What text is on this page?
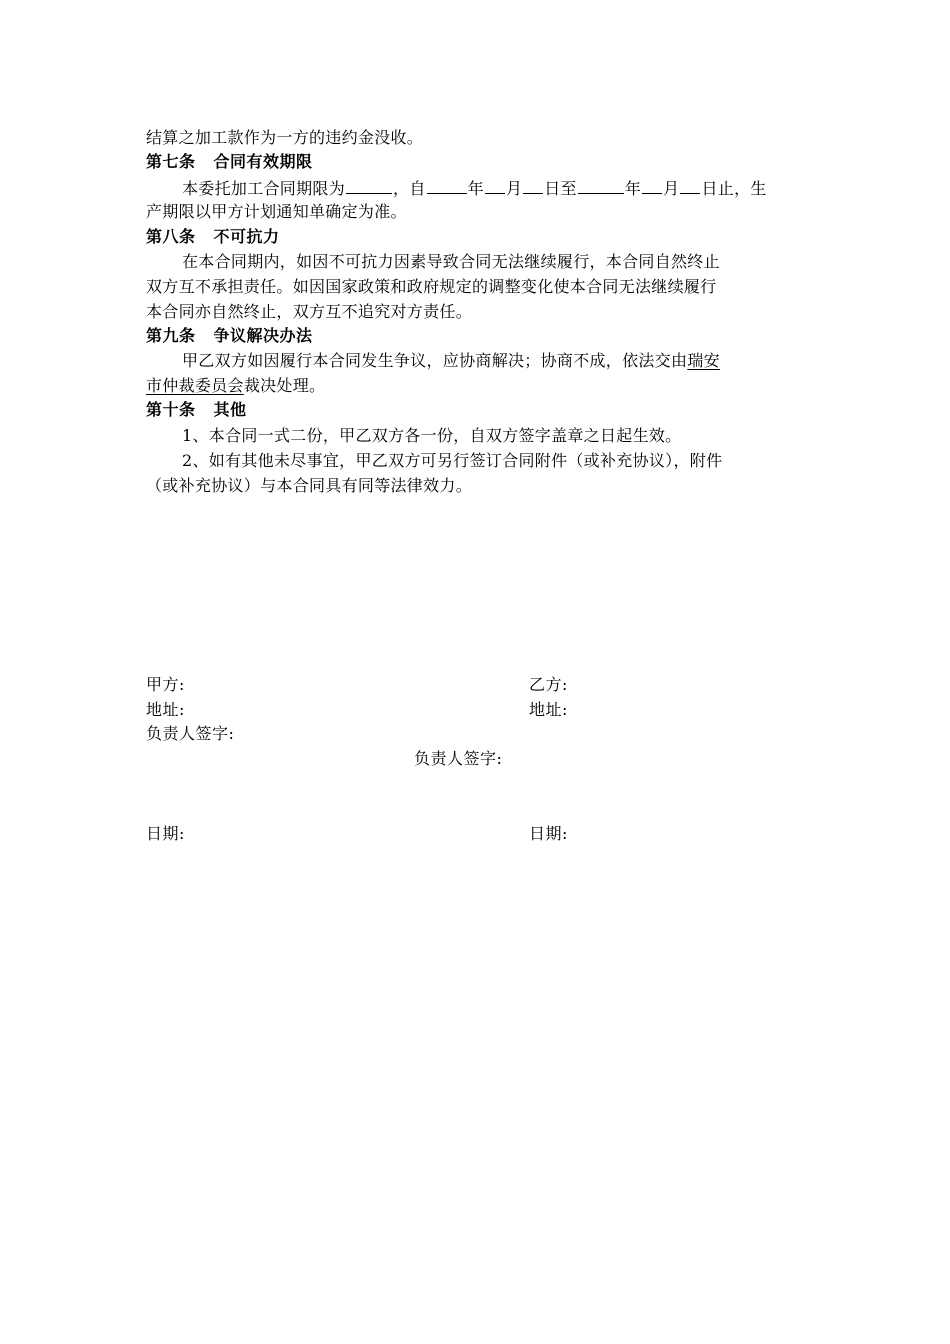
结算之加工款作为一方的违约金没收。
第七条 合同有效期限
本委托加工合同期限为	，自	年 月 日至	年 月 日止，生
产期限以甲方计划通知单确定为准。
第八条 不可抗力
在本合同期内，如因不可抗力因素导致合同无法继续履行，本合同自然终止
双方互不承担责任。如因国家政策和政府规定的调整变化使本合同无法继续履行
本合同亦自然终止，双方互不追究对方责任。
第九条 争议解决办法
甲乙双方如因履行本合同发生争议，应协商解决；协商不成，依法交由瑞安
市仲裁委员会裁决处理。
第十条 其他
1、本合同一式二份，甲乙双方各一份，自双方签字盖章之日起生效。
2、如有其他未尽事宜，甲乙双方可另行签订合同附件（或补充协议），附件
（或补充协议）与本合同具有同等法律效力。
甲方:	乙方:
地址:	地址:
负责人签字:
负责人签字:
日期:	日期:
